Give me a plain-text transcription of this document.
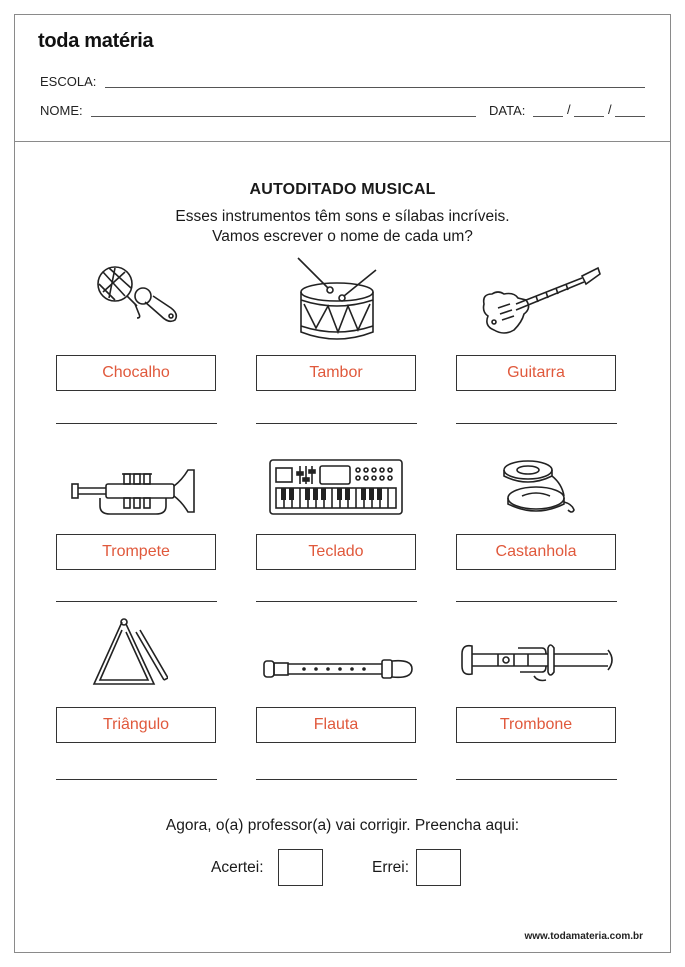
toda matéria
ESCOLA:
NOME:	DATA:	/	/
AUTODITADO MUSICAL
Esses instrumentos têm sons e sílabas incríveis.
Vamos escrever o nome de cada um?
Chocalho	Tambor	Guitarra
Trompete	Teclado	Castanhola
Triângulo	Flauta	Trombone
Agora, o(a) professor(a) vai corrigir. Preencha aqui:
Acertei:	Errei:
www.todamateria.com.br
